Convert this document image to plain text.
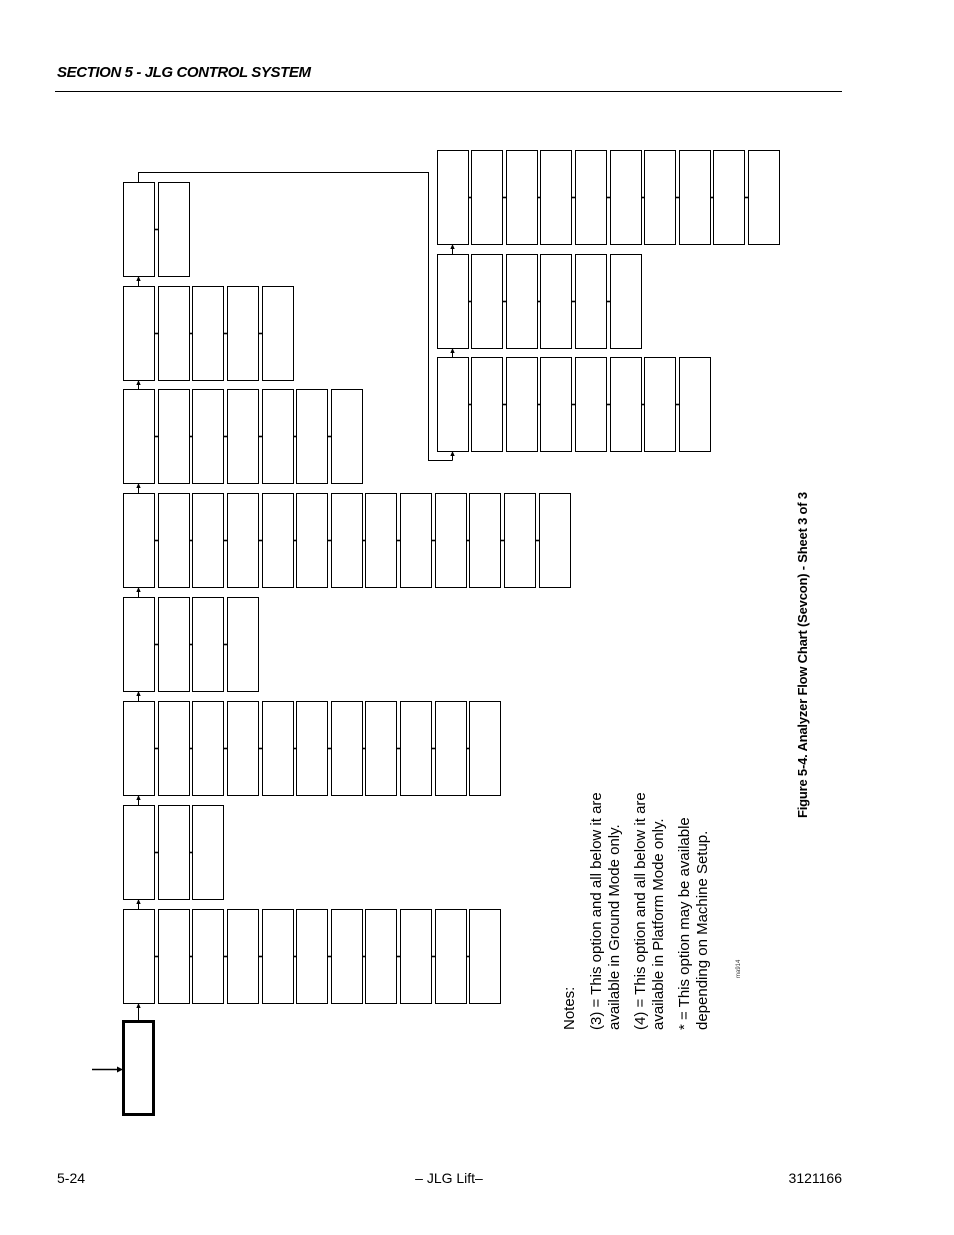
SECTION 5 - JLG CONTROL SYSTEM
Notes: (3) = This option and all below it are available in Ground Mode only. (4) = This option and all below it are available in Platform Mode only. * = This option may be available depending on Machine Setup.	ma914
Figure 5-4. Analyzer Flow Chart (Sevcon) - Sheet 3 of 3
5-24	– JLG Lift–	3121166
